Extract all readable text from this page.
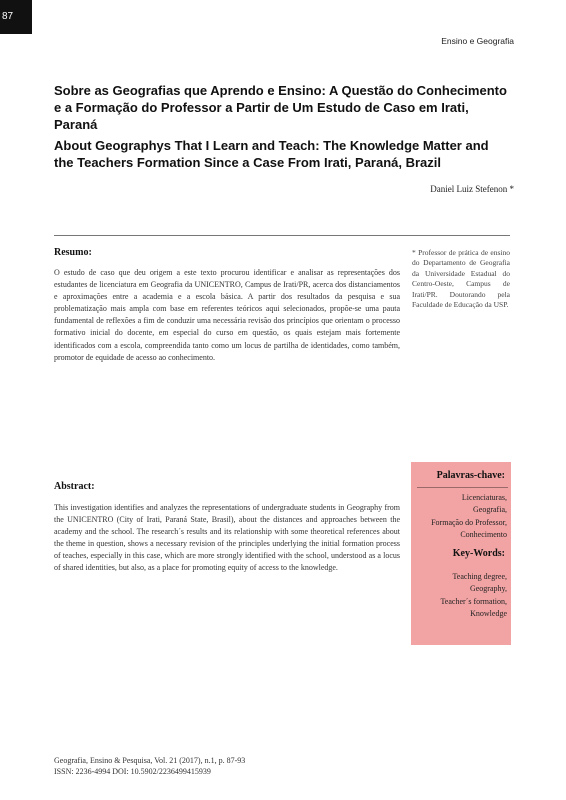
87
Ensino e Geografia
Sobre as Geografias que Aprendo e Ensino: A Questão do Conhecimento e a Formação do Professor a Partir de Um Estudo de Caso em Irati, Paraná
About Geographys That I Learn and Teach: The Knowledge Matter and the Teachers Formation Since a Case From Irati, Paraná, Brazil
Daniel Luiz Stefenon *
Resumo:

O estudo de caso que deu origem a este texto procurou identificar e analisar as representações dos estudantes de licenciatura em Geografia da UNICENTRO, Campus de Irati/PR, acerca dos distanciamentos e aproximações entre a academia e a escola básica. A partir dos resultados da pesquisa e sua problematização mais ampla com base em referentes teóricos aqui selecionados, propõe-se uma pauta fundamental de reflexões a fim de conduzir uma necessária revisão dos princípios que orientam o processo formativo inicial do docente, em especial do curso em questão, os quais estejam mais fortemente identificados com a escola, compreendida tanto como um locus de partilha de identidades, como também, promotor de equidade de acesso ao conhecimento.

* Professor de prática de ensino do Departamento de Geografia da Universidade Estadual do Centro-Oeste, Campus de Irati/PR. Doutorando pela Faculdade de Educação da USP.

Abstract:

This investigation identifies and analyzes the representations of undergraduate students in Geography from the UNICENTRO (City of Irati, Paraná State, Brasil), about the distances and approaches between the academy and the school. The research´s results and its relationship with some theoretical references about the theme in question, shows a necessary revision of the principles underlying the initial formation process of teaches, especially in this case, which are more strongly identified with the school, understood as a locus of shared identities, but also, as a place for promoting equity of access to the knowledge.

Palavras-chave:
Licenciaturas,
Geografia,
Formação do Professor,
Conhecimento
Key-Words:
Teaching degree,
Geography,
Teacher´s formation,
Knowledge
Geografia, Ensino & Pesquisa, Vol. 21 (2017), n.1, p. 87-93
ISSN: 2236-4994 DOI: 10.5902/2236499415939
